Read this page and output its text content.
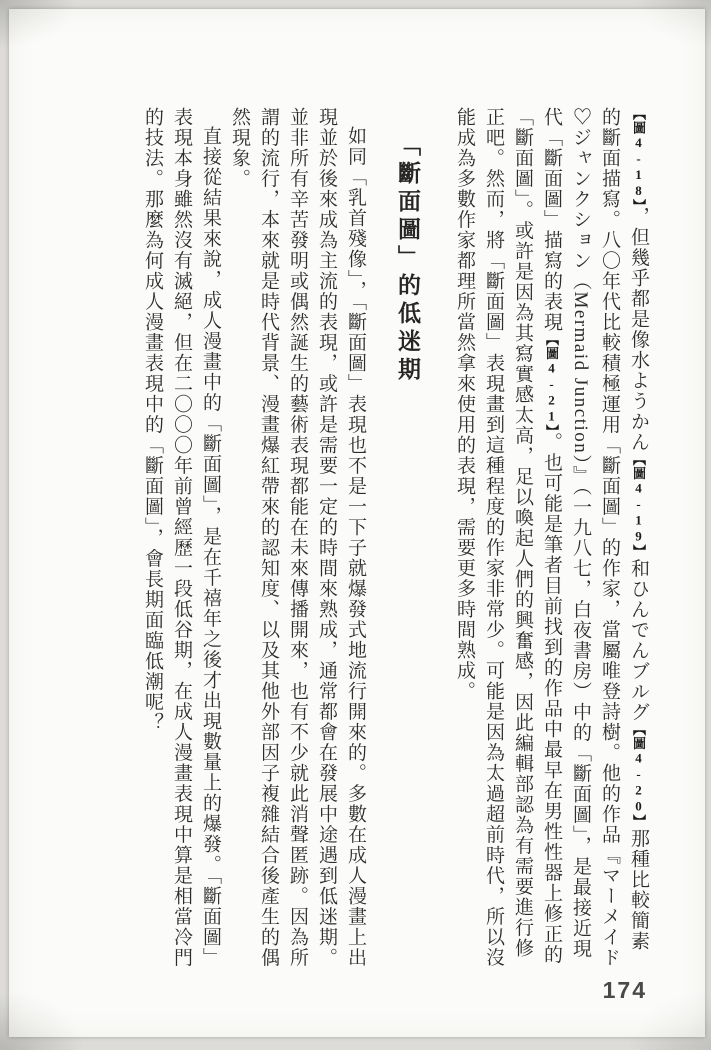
【圖4-18】，但幾乎都是像水ようかん【圖4-19】和ひんでんブルグ【圖4-20】那種比較簡素的斷面描寫。八〇年代比較積極運用「斷面圖」的作家，當屬唯登詩樹。他的作品『マーメイド♡ジャンクション（Mermaid Junction）』（一九八七，白夜書房）中的「斷面圖」，是最接近現代「斷面圖」描寫的表現【圖4-21】。也可能是筆者目前找到的作品中最早在男性性器上修正的「斷面圖」。或許是因為其寫實感太高，足以喚起人們的興奮感，因此編輯部認為有需要進行修正吧。然而，將「斷面圖」表現畫到這種程度的作家非常少。可能是因為太過超前時代，所以沒能成為多數作家都理所當然拿來使用的表現，需要更多時間熟成。

「斷面圖」的低迷期

如同「乳首殘像」，「斷面圖」表現也不是一下子就爆發式地流行開來的。多數在成人漫畫上出現並於後來成為主流的表現，或許是需要一定的時間來熟成，通常都會在發展中途遇到低迷期。並非所有辛苦發明或偶然誕生的藝術表現都能在未來傳播開來，也有不少就此消聲匿跡。因為所謂的流行，本來就是時代背景、漫畫爆紅帶來的認知度、以及其他外部因子複雜結合後產生的偶然現象。

直接從結果來說，成人漫畫中的「斷面圖」，是在千禧年之後才出現數量上的爆發。「斷面圖」表現本身雖然沒有滅絕，但在二〇〇〇年前曾經歷一段低谷期，在成人漫畫表現中算是相當冷門的技法。那麼為何成人漫畫表現中的「斷面圖」，會長期面臨低潮呢？

174
